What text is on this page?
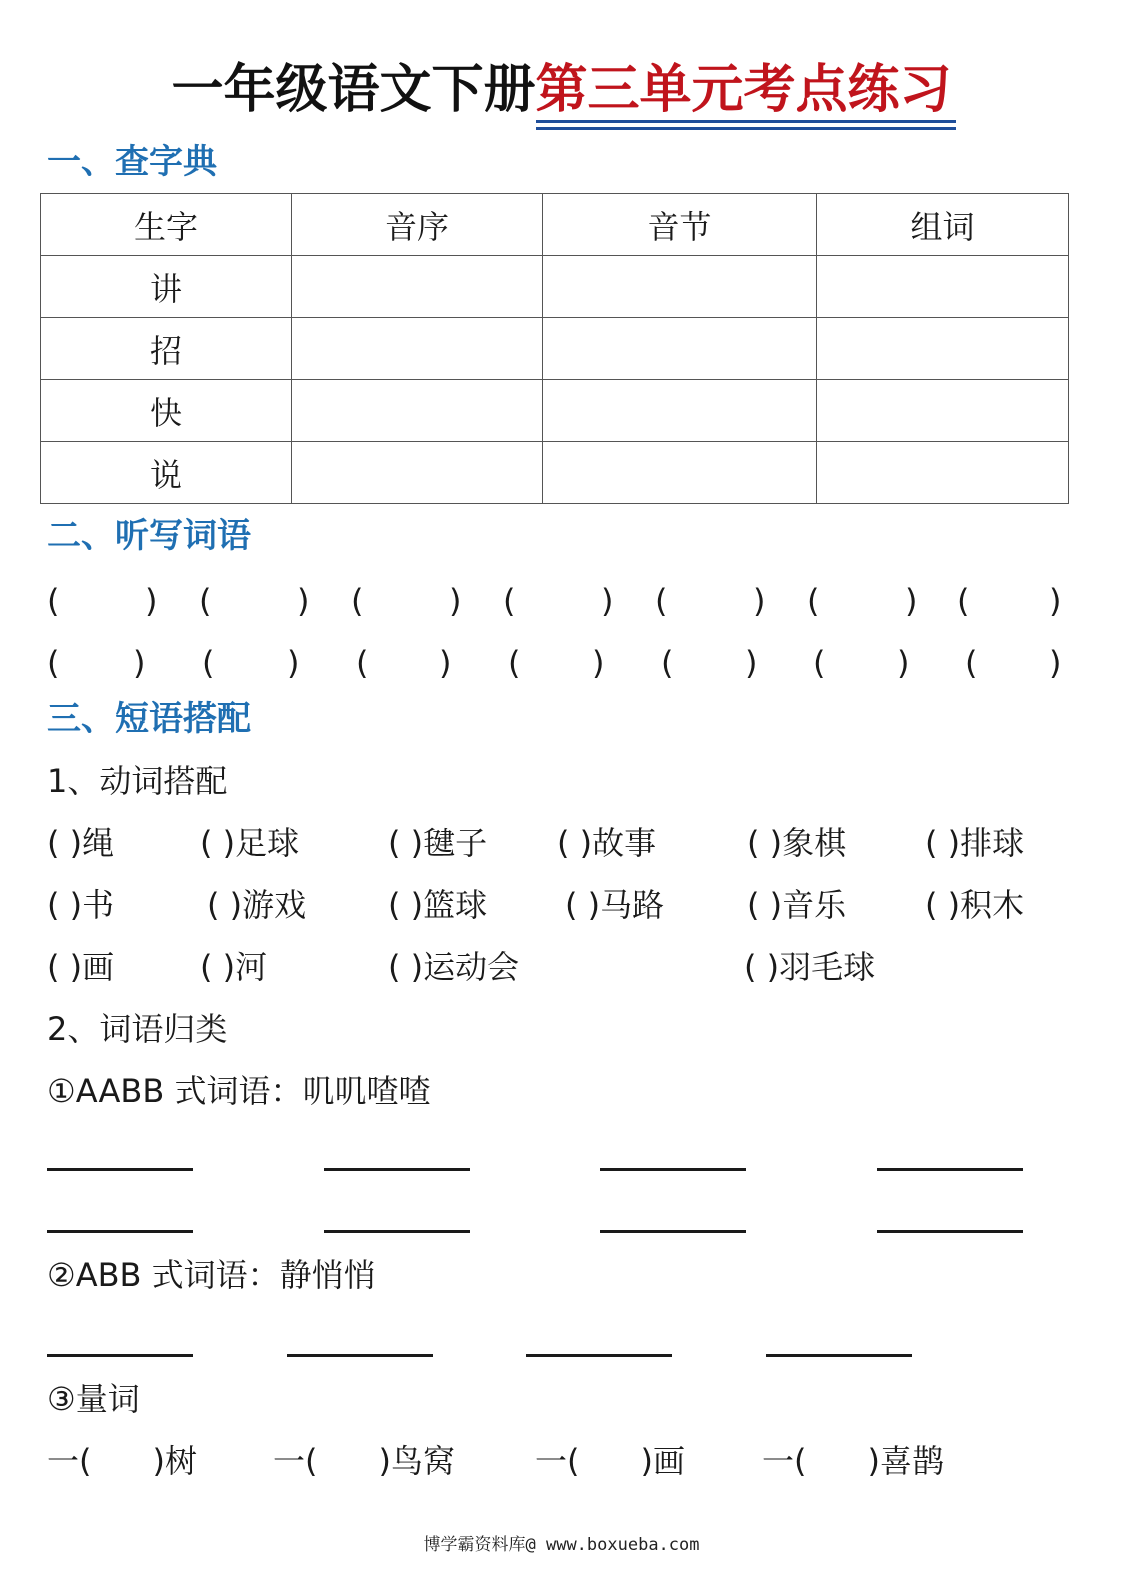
一年级语文下册第三单元考点练习
一、查字典
生字	音序	音节	组词
讲			
招			
快			
说			
二、听写词语
(	) (	) (	) (	) (	) (	) ( )
( ) ( ) ( ) ( ) ( ) ( ) ( )
三、短语搭配
1、动词搭配
( )绳	( )足球	( )毽子 ( )故事	( )象棋 ( )排球
( )书	( )游戏	( )篮球 ( )马路	( )音乐 ( )积木
( )画	( )河	( )运动会	( )羽毛球
2、词语归类
①AABB 式词语：叽叽喳喳
②ABB 式词语：静悄悄
③量词
一(      )树 一(      )鸟窝 一(      )画 一(      )喜鹊
博学霸资料库@ www.boxueba.com
